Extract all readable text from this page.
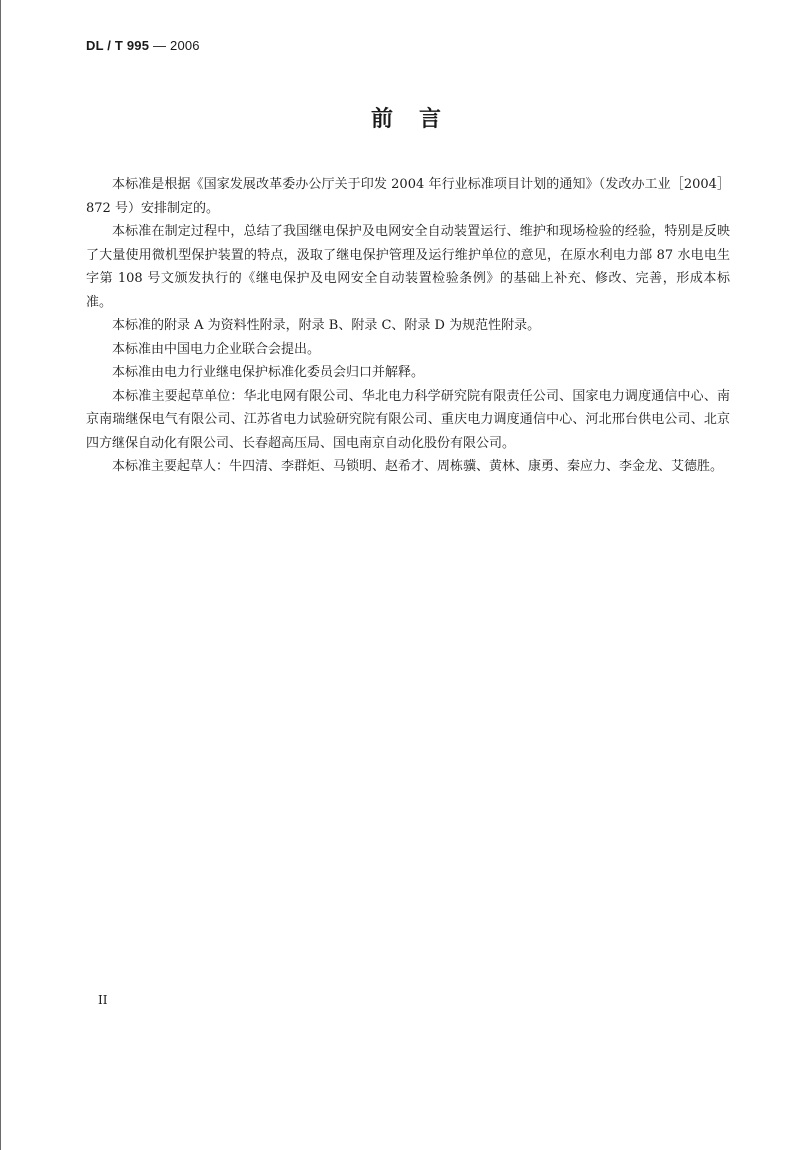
DL / T 995 — 2006
前言

本标准是根据《国家发展改革委办公厅关于印发 2004 年行业标准项目计划的通知》（发改办工业［2004］872 号）安排制定的。

本标准在制定过程中，总结了我国继电保护及电网安全自动装置运行、维护和现场检验的经验，特别是反映了大量使用微机型保护装置的特点，汲取了继电保护管理及运行维护单位的意见，在原水利电力部 87 水电电生字第 108 号文颁发执行的《继电保护及电网安全自动装置检验条例》的基础上补充、修改、完善，形成本标准。

本标准的附录 A 为资料性附录，附录 B、附录 C、附录 D 为规范性附录。

本标准由中国电力企业联合会提出。

本标准由电力行业继电保护标准化委员会归口并解释。

本标准主要起草单位：华北电网有限公司、华北电力科学研究院有限责任公司、国家电力调度通信中心、南京南瑞继保电气有限公司、江苏省电力试验研究院有限公司、重庆电力调度通信中心、河北邢台供电公司、北京四方继保自动化有限公司、长春超高压局、国电南京自动化股份有限公司。

本标准主要起草人：牛四清、李群炬、马锁明、赵希才、周栋骥、黄林、康勇、秦应力、李金龙、艾德胜。

II
